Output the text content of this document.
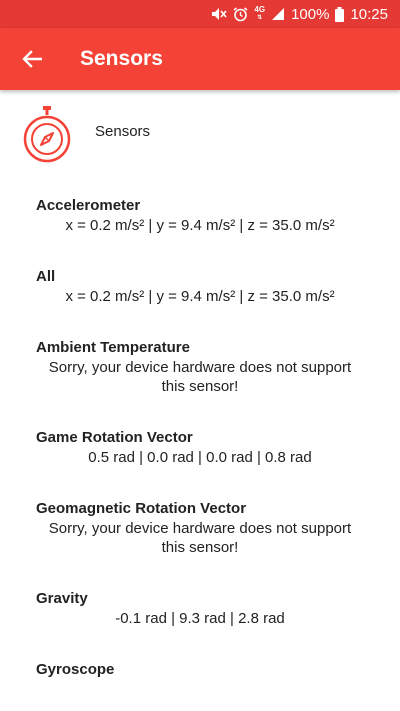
4G
⇅ 100% 10:25
Sensors
Sensors
Accelerometer
x = 0.2 m/s² | y = 9.4 m/s² | z = 35.0 m/s²
All
x = 0.2 m/s² | y = 9.4 m/s² | z = 35.0 m/s²
Ambient Temperature
Sorry, your device hardware does not support this sensor!
Game Rotation Vector
0.5 rad | 0.0 rad | 0.0 rad | 0.8 rad
Geomagnetic Rotation Vector
Sorry, your device hardware does not support this sensor!
Gravity
-0.1 rad | 9.3 rad | 2.8 rad
Gyroscope
